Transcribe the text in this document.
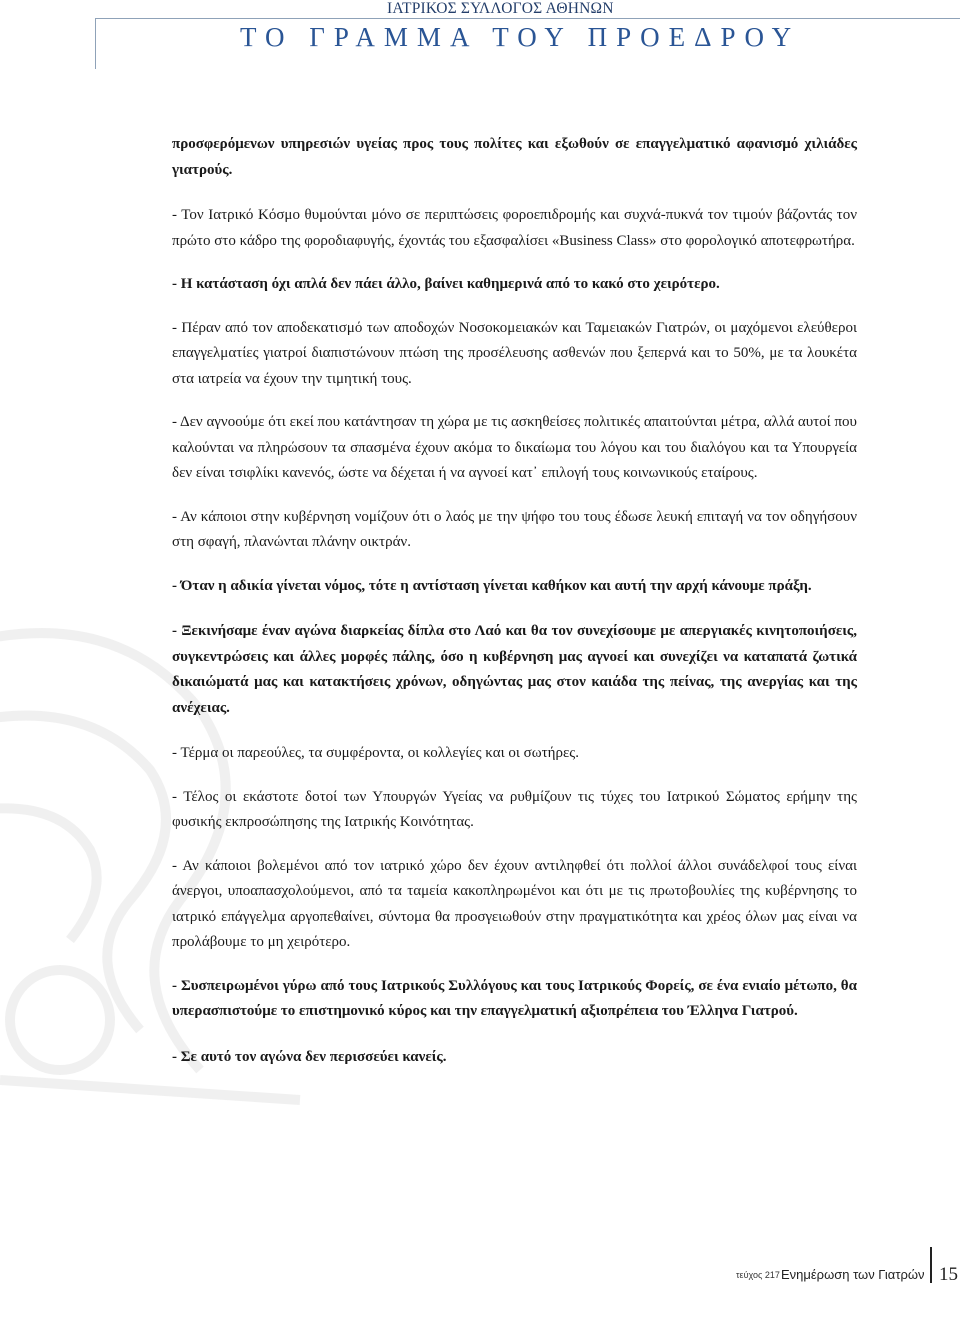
ΙΑΤΡΙΚΟΣ ΣΥΛΛΟΓΟΣ ΑΘΗΝΩΝ
ΤΟ ΓΡΑΜΜΑ ΤΟΥ ΠΡΟΕΔΡΟΥ

προσφερόμενων υπηρεσιών υγείας προς τους πολίτες και εξωθούν σε επαγγελματικό αφανισμό χιλιάδες γιατρούς.

- Τον Ιατρικό Κόσμο θυμούνται μόνο σε περιπτώσεις φοροεπιδρομής και συχνά-πυκνά τον τιμούν βάζοντάς τον πρώτο στο κάδρο της φοροδιαφυγής, έχοντάς του εξασφαλίσει «Business Class» στο φορολογικό αποτεφρωτήρα.

- Η κατάσταση όχι απλά δεν πάει άλλο, βαίνει καθημερινά από το κακό στο χειρότερο.

- Πέραν από τον αποδεκατισμό των αποδοχών Νοσοκομειακών και Ταμειακών Γιατρών, οι μαχόμενοι ελεύθεροι επαγγελματίες γιατροί διαπιστώνουν πτώση της προσέλευσης ασθενών που ξεπερνά και το 50%, με τα λουκέτα στα ιατρεία να έχουν την τιμητική τους.

- Δεν αγνοούμε ότι εκεί που κατάντησαν τη χώρα με τις ασκηθείσες πολιτικές απαιτούνται μέτρα, αλλά αυτοί που καλούνται να πληρώσουν τα σπασμένα έχουν ακόμα το δικαίωμα του λόγου και του διαλόγου και τα Υπουργεία δεν είναι τσιφλίκι κανενός, ώστε να δέχεται ή να αγνοεί κατ᾽ επιλογή τους κοινωνικούς εταίρους.

- Αν κάποιοι στην κυβέρνηση νομίζουν ότι ο λαός με την ψήφο του τους έδωσε λευκή επιταγή να τον οδηγήσουν στη σφαγή, πλανώνται πλάνην οικτράν.

- Όταν η αδικία γίνεται νόμος, τότε η αντίσταση γίνεται καθήκον και αυτή την αρχή κάνουμε πράξη.

- Ξεκινήσαμε έναν αγώνα διαρκείας δίπλα στο Λαό και θα τον συνεχίσουμε με απεργιακές κινητοποιήσεις, συγκεντρώσεις και άλλες μορφές πάλης, όσο η κυβέρνηση μας αγνοεί και συνεχίζει να καταπατά ζωτικά δικαιώματά μας και κατακτήσεις χρόνων, οδηγώντας μας στον καιάδα της πείνας, της ανεργίας και της ανέχειας.

- Τέρμα οι παρεούλες, τα συμφέροντα, οι κολλεγίες και οι σωτήρες.

- Τέλος οι εκάστοτε δοτοί των Υπουργών Υγείας να ρυθμίζουν τις τύχες του Ιατρικού Σώματος ερήμην της φυσικής εκπροσώπησης της Ιατρικής Κοινότητας.

- Αν κάποιοι βολεμένοι από τον ιατρικό χώρο δεν έχουν αντιληφθεί ότι πολλοί άλλοι συνάδελφοί τους είναι άνεργοι, υποαπασχολούμενοι, από τα ταμεία κακοπληρωμένοι και ότι με τις πρωτοβουλίες της κυβέρνησης το ιατρικό επάγγελμα αργοπεθαίνει, σύντομα θα προσγειωθούν στην πραγματικότητα και χρέος όλων μας είναι να προλάβουμε το μη χειρότερο.

- Συσπειρωμένοι γύρω από τους Ιατρικούς Συλλόγους και τους Ιατρικούς Φορείς, σε ένα ενιαίο μέτωπο, θα υπερασπιστούμε το επιστημονικό κύρος και την επαγγελματική αξιοπρέπεια του Έλληνα Γιατρού.

- Σε αυτό τον αγώνα δεν περισσεύει κανείς.

τεύχος 217 Ενημέρωση των Γιατρών 15
